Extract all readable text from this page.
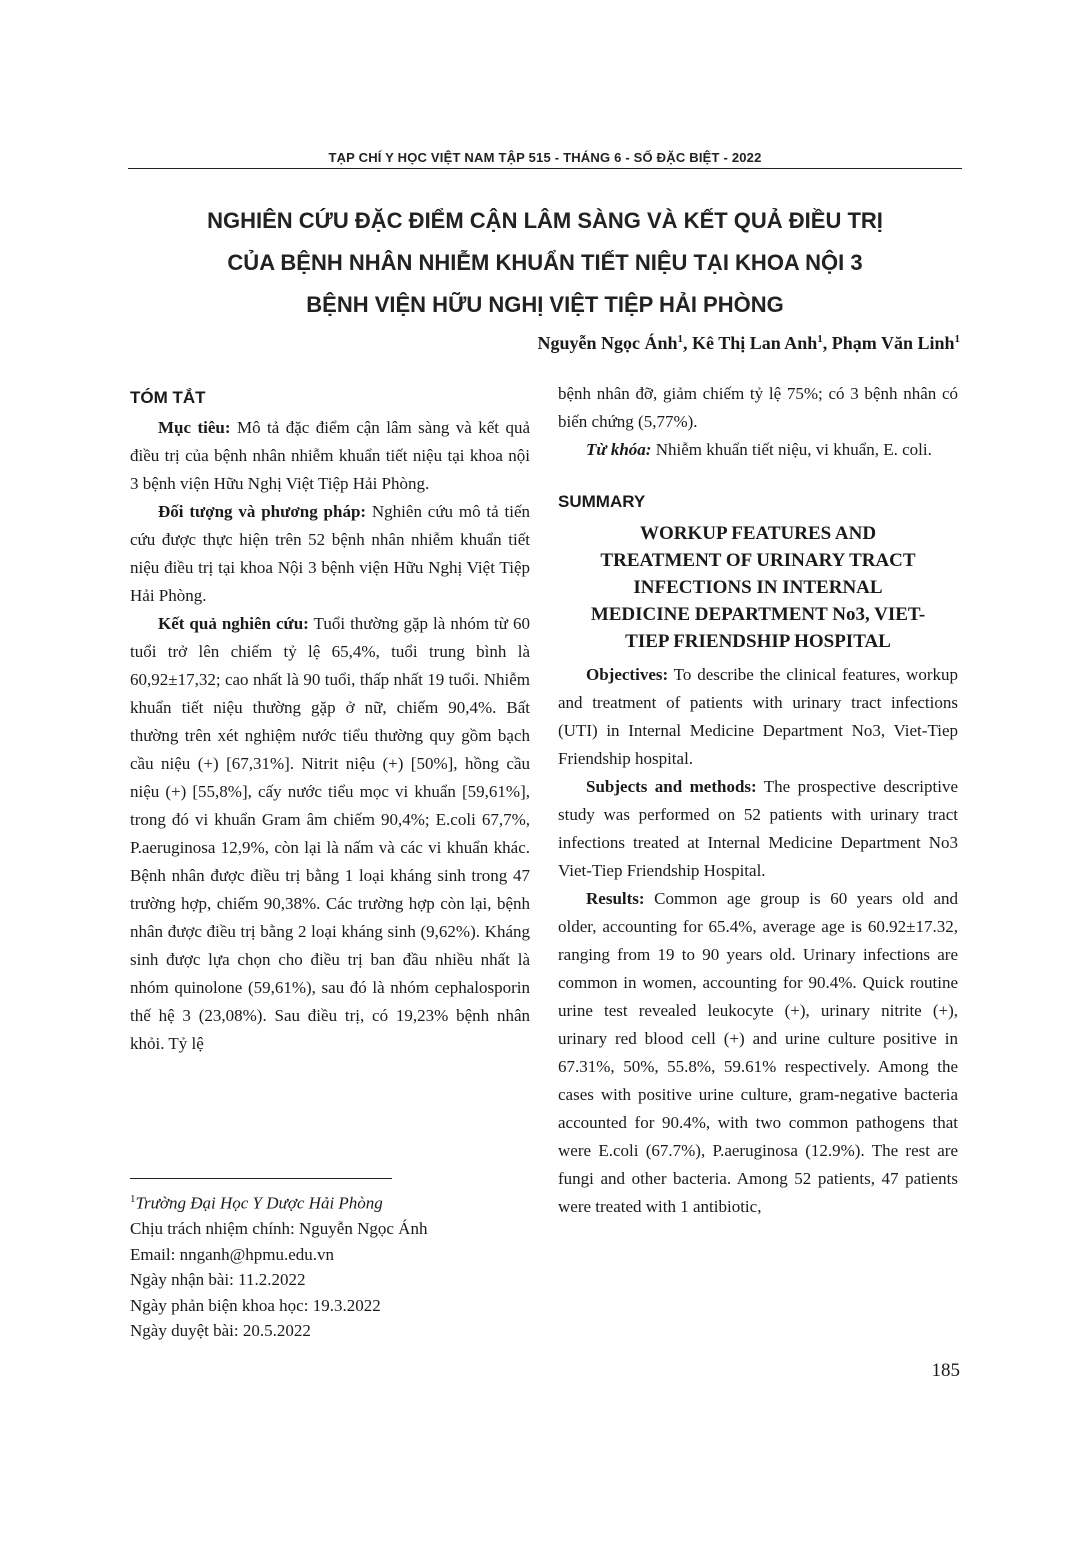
TẠP CHÍ Y HỌC VIỆT NAM TẬP 515 - THÁNG 6 - SỐ ĐẶC BIỆT - 2022
NGHIÊN CỨU ĐẶC ĐIỂM CẬN LÂM SÀNG VÀ KẾT QUẢ ĐIỀU TRỊ
CỦA BỆNH NHÂN NHIỄM KHUẨN TIẾT NIỆU TẠI KHOA NỘI 3
BỆNH VIỆN HỮU NGHỊ VIỆT TIỆP HẢI PHÒNG
Nguyễn Ngọc Ánh$^1$, Kê Thị Lan Anh$^1$, Phạm Văn Linh$^1$
TÓM TẮT

Mục tiêu: Mô tả đặc điểm cận lâm sàng và kết quả điều trị của bệnh nhân nhiễm khuẩn tiết niệu tại khoa nội 3 bệnh viện Hữu Nghị Việt Tiệp Hải Phòng.

Đối tượng và phương pháp: Nghiên cứu mô tả tiến cứu được thực hiện trên 52 bệnh nhân nhiễm khuẩn tiết niệu điều trị tại khoa Nội 3 bệnh viện Hữu Nghị Việt Tiệp Hải Phòng.

Kết quả nghiên cứu: Tuổi thường gặp là nhóm từ 60 tuổi trở lên chiếm tỷ lệ 65,4%, tuổi trung bình là 60,92±17,32; cao nhất là 90 tuổi, thấp nhất 19 tuổi. Nhiễm khuẩn tiết niệu thường gặp ở nữ, chiếm 90,4%. Bất thường trên xét nghiệm nước tiểu thường quy gồm bạch cầu niệu (+) [67,31%]. Nitrit niệu (+) [50%], hồng cầu niệu (+) [55,8%], cấy nước tiểu mọc vi khuẩn [59,61%], trong đó vi khuẩn Gram âm chiếm 90,4%; E.coli 67,7%, P.aeruginosa 12,9%, còn lại là nấm và các vi khuẩn khác. Bệnh nhân được điều trị bằng 1 loại kháng sinh trong 47 trường hợp, chiếm 90,38%. Các trường hợp còn lại, bệnh nhân được điều trị bằng 2 loại kháng sinh (9,62%). Kháng sinh được lựa chọn cho điều trị ban đầu nhiều nhất là nhóm quinolone (59,61%), sau đó là nhóm cephalosporin thế hệ 3 (23,08%). Sau điều trị, có 19,23% bệnh nhân khỏi. Tỷ lệ

bệnh nhân đỡ, giảm chiếm tỷ lệ 75%; có 3 bệnh nhân có biến chứng (5,77%).

Từ khóa: Nhiễm khuẩn tiết niệu, vi khuẩn, E. coli.

SUMMARY
WORKUP FEATURES AND
TREATMENT OF URINARY TRACT
INFECTIONS IN INTERNAL
MEDICINE DEPARTMENT No3, VIET-
TIEP FRIENDSHIP HOSPITAL

Objectives: To describe the clinical features, workup and treatment of patients with urinary tract infections (UTI) in Internal Medicine Department No3, Viet-Tiep Friendship hospital.

Subjects and methods: The prospective descriptive study was performed on 52 patients with urinary tract infections treated at Internal Medicine Department No3 Viet-Tiep Friendship Hospital.

Results: Common age group is 60 years old and older, accounting for 65.4%, average age is 60.92±17.32, ranging from 19 to 90 years old. Urinary infections are common in women, accounting for 90.4%. Quick routine urine test revealed leukocyte (+), urinary nitrite (+), urinary red blood cell (+) and urine culture positive in 67.31%, 50%, 55.8%, 59.61% respectively. Among the cases with positive urine culture, gram-negative bacteria accounted for 90.4%, with two common pathogens that were E.coli (67.7%), P.aeruginosa (12.9%). The rest are fungi and other bacteria. Among 52 patients, 47 patients were treated with 1 antibiotic,

$^1$Trường Đại Học Y Dược Hải Phòng
Chịu trách nhiệm chính: Nguyễn Ngọc Ánh
Email: nnganh@hpmu.edu.vn
Ngày nhận bài: 11.2.2022
Ngày phản biện khoa học: 19.3.2022
Ngày duyệt bài: 20.5.2022
185
